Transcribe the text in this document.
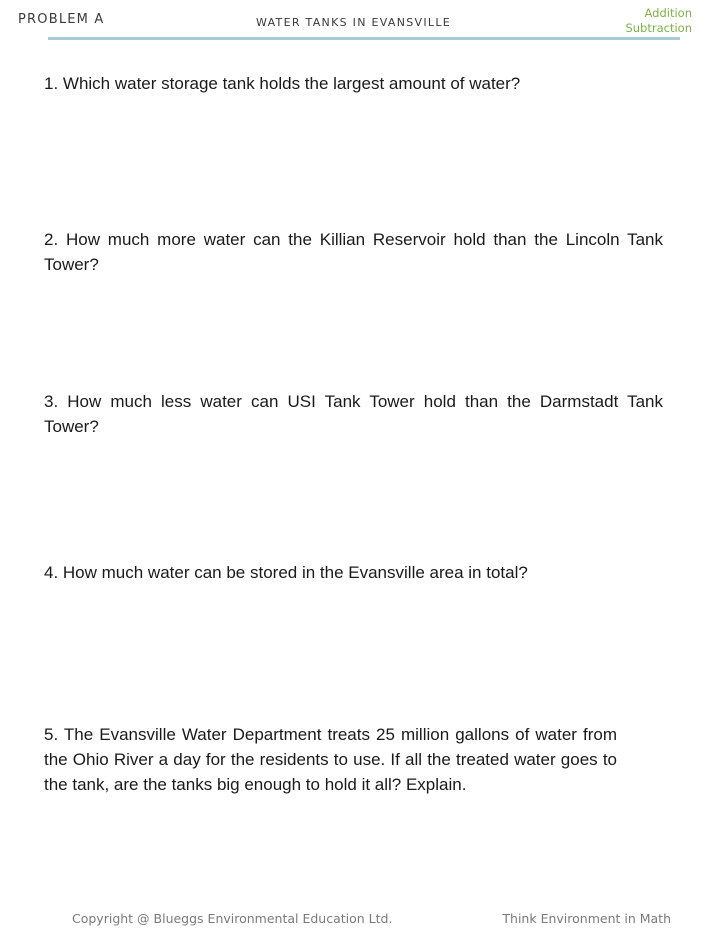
PROBLEM A	WATER TANKS IN EVANSVILLE
Addition
Subtraction
1. Which water storage tank holds the largest amount of water?
2. How much more water can the Killian Reservoir hold than the Lincoln Tank Tower?
3. How much less water can USI Tank Tower hold than the Darmstadt Tank Tower?
4. How much water can be stored in the Evansville area in total?
5. The Evansville Water Department treats 25 million gallons of water from the Ohio River a day for the residents to use. If all the treated water goes to the tank, are the tanks big enough to hold it all? Explain.
Copyright @ Blueggs Environmental Education Ltd.	Think Environment in Math
